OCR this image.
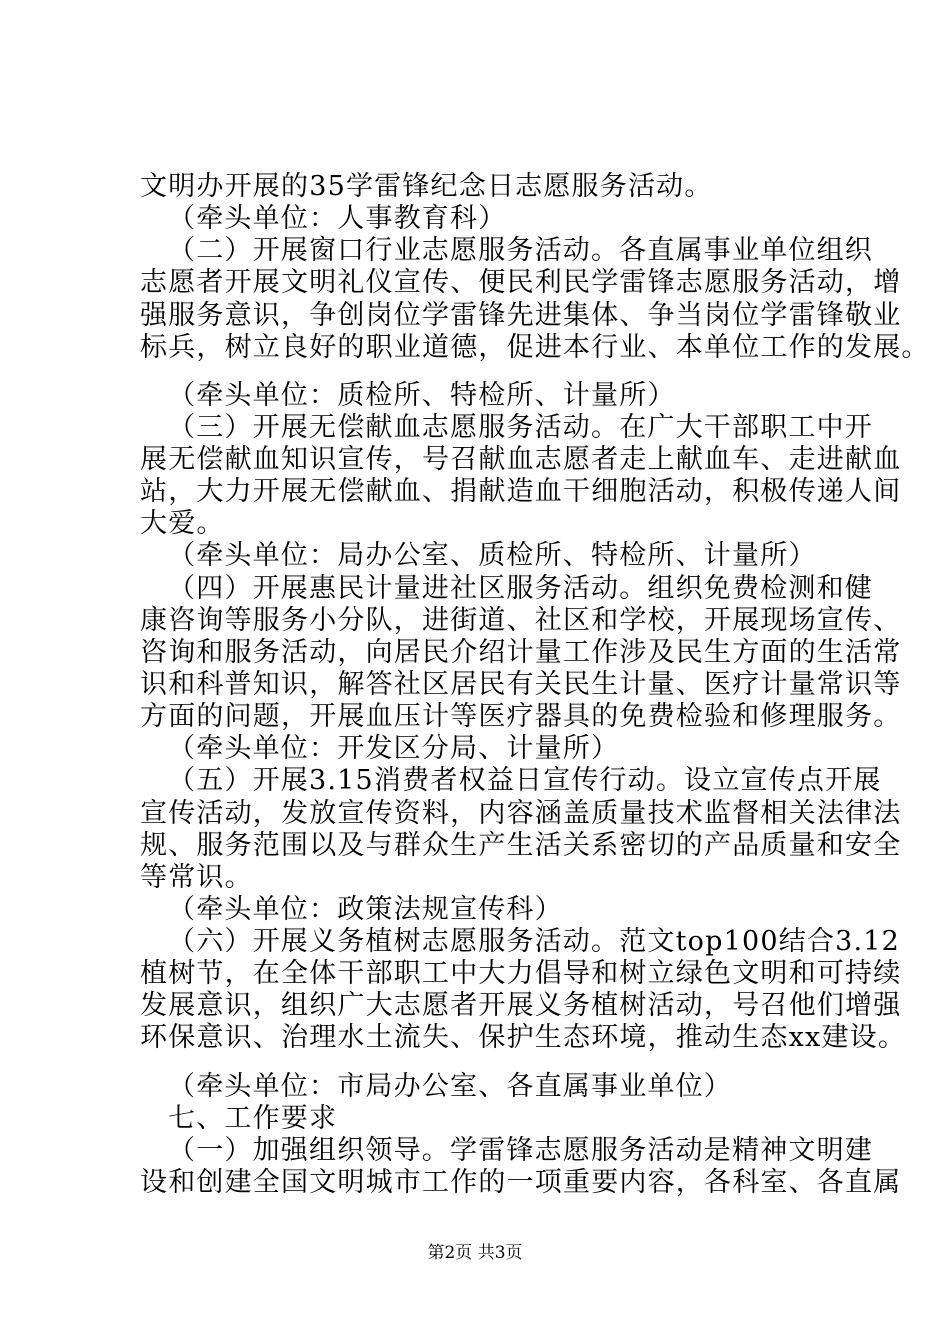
文明办开展的35学雷锋纪念日志愿服务活动。
（牵头单位：人事教育科）
（二）开展窗口行业志愿服务活动。各直属事业单位组织
志愿者开展文明礼仪宣传、便民利民学雷锋志愿服务活动，增
强服务意识，争创岗位学雷锋先进集体、争当岗位学雷锋敬业
标兵，树立良好的职业道德，促进本行业、本单位工作的发展。
（牵头单位：质检所、特检所、计量所）
（三）开展无偿献血志愿服务活动。在广大干部职工中开
展无偿献血知识宣传，号召献血志愿者走上献血车、走进献血
站，大力开展无偿献血、捐献造血干细胞活动，积极传递人间
大爱。
（牵头单位：局办公室、质检所、特检所、计量所）
（四）开展惠民计量进社区服务活动。组织免费检测和健
康咨询等服务小分队，进街道、社区和学校，开展现场宣传、
咨询和服务活动，向居民介绍计量工作涉及民生方面的生活常
识和科普知识，解答社区居民有关民生计量、医疗计量常识等
方面的问题，开展血压计等医疗器具的免费检验和修理服务。
（牵头单位：开发区分局、计量所）
（五）开展3.15消费者权益日宣传行动。设立宣传点开展
宣传活动，发放宣传资料，内容涵盖质量技术监督相关法律法
规、服务范围以及与群众生产生活关系密切的产品质量和安全
等常识。
（牵头单位：政策法规宣传科）
（六）开展义务植树志愿服务活动。范文top100结合3.12
植树节，在全体干部职工中大力倡导和树立绿色文明和可持续
发展意识，组织广大志愿者开展义务植树活动，号召他们增强
环保意识、治理水土流失、保护生态环境，推动生态xx建设。
（牵头单位：市局办公室、各直属事业单位）
七、工作要求
（一）加强组织领导。学雷锋志愿服务活动是精神文明建
设和创建全国文明城市工作的一项重要内容，各科室、各直属
第2页 共3页
